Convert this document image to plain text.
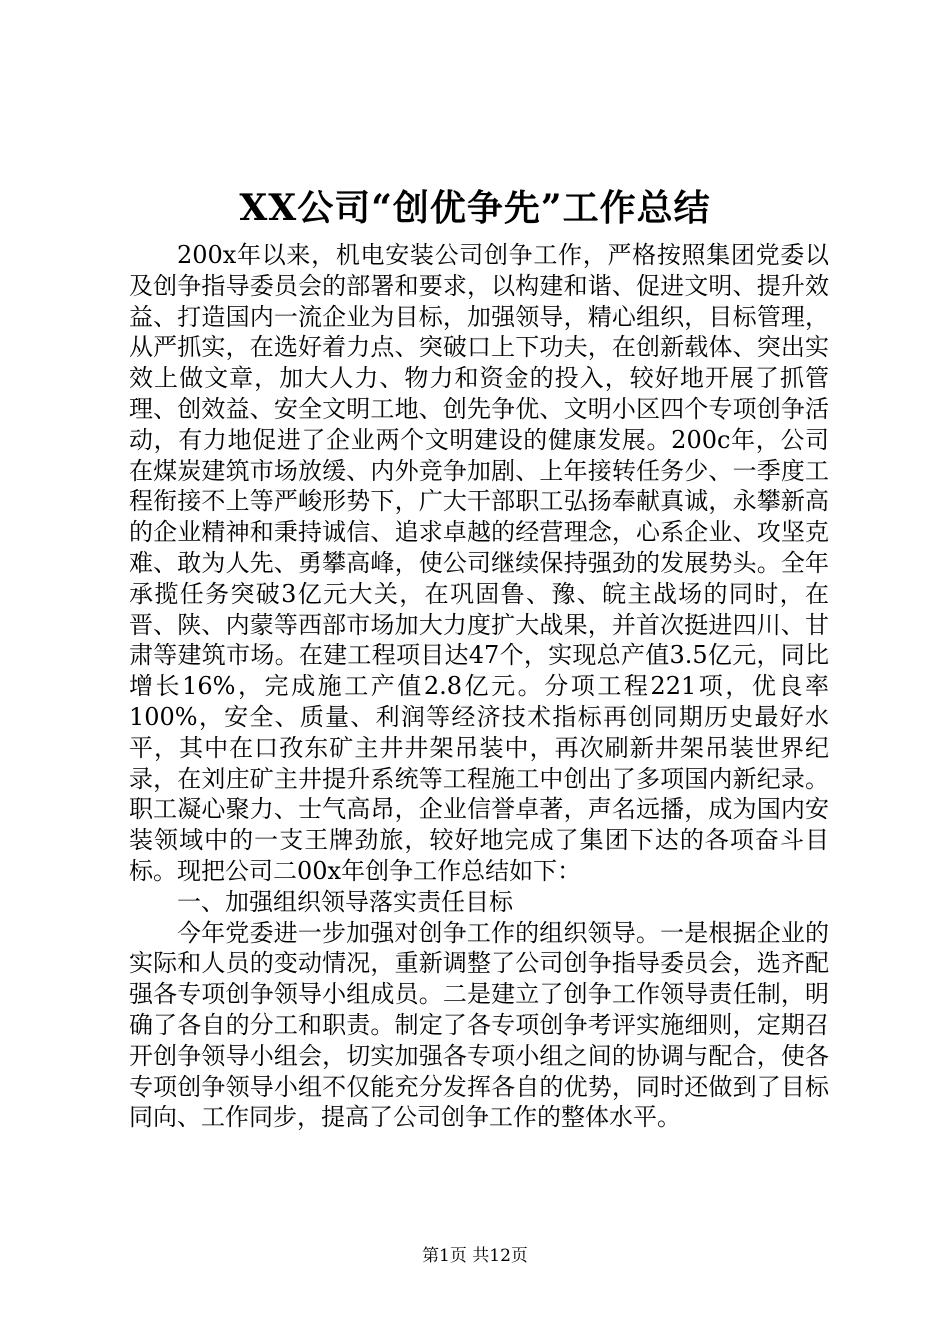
XX公司“创优争先”工作总结

200x年以来，机电安装公司创争工作，严格按照集团党委以及创争指导委员会的部署和要求，以构建和谐、促进文明、提升效益、打造国内一流企业为目标，加强领导，精心组织，目标管理，从严抓实，在选好着力点、突破口上下功夫，在创新载体、突出实效上做文章，加大人力、物力和资金的投入，较好地开展了抓管理、创效益、安全文明工地、创先争优、文明小区四个专项创争活动，有力地促进了企业两个文明建设的健康发展。200c年，公司在煤炭建筑市场放缓、内外竞争加剧、上年接转任务少、一季度工程衔接不上等严峻形势下，广大干部职工弘扬奉献真诚，永攀新高的企业精神和秉持诚信、追求卓越的经营理念，心系企业、攻坚克难、敢为人先、勇攀高峰，使公司继续保持强劲的发展势头。全年承揽任务突破3亿元大关，在巩固鲁、豫、皖主战场的同时，在晋、陕、内蒙等西部市场加大力度扩大战果，并首次挺进四川、甘肃等建筑市场。在建工程项目达47个，实现总产值3.5亿元，同比增长16%，完成施工产值2.8亿元。分项工程221项，优良率100%，安全、质量、利润等经济技术指标再创同期历史最好水平，其中在口孜东矿主井井架吊装中，再次刷新井架吊装世界纪录，在刘庄矿主井提升系统等工程施工中创出了多项国内新纪录。职工凝心聚力、士气高昂，企业信誉卓著，声名远播，成为国内安装领域中的一支王牌劲旅，较好地完成了集团下达的各项奋斗目标。现把公司二00x年创争工作总结如下：

一、加强组织领导落实责任目标

今年党委进一步加强对创争工作的组织领导。一是根据企业的实际和人员的变动情况，重新调整了公司创争指导委员会，选齐配强各专项创争领导小组成员。二是建立了创争工作领导责任制，明确了各自的分工和职责。制定了各专项创争考评实施细则，定期召开创争领导小组会，切实加强各专项小组之间的协调与配合，使各专项创争领导小组不仅能充分发挥各自的优势，同时还做到了目标同向、工作同步，提高了公司创争工作的整体水平。

第1页 共12页
